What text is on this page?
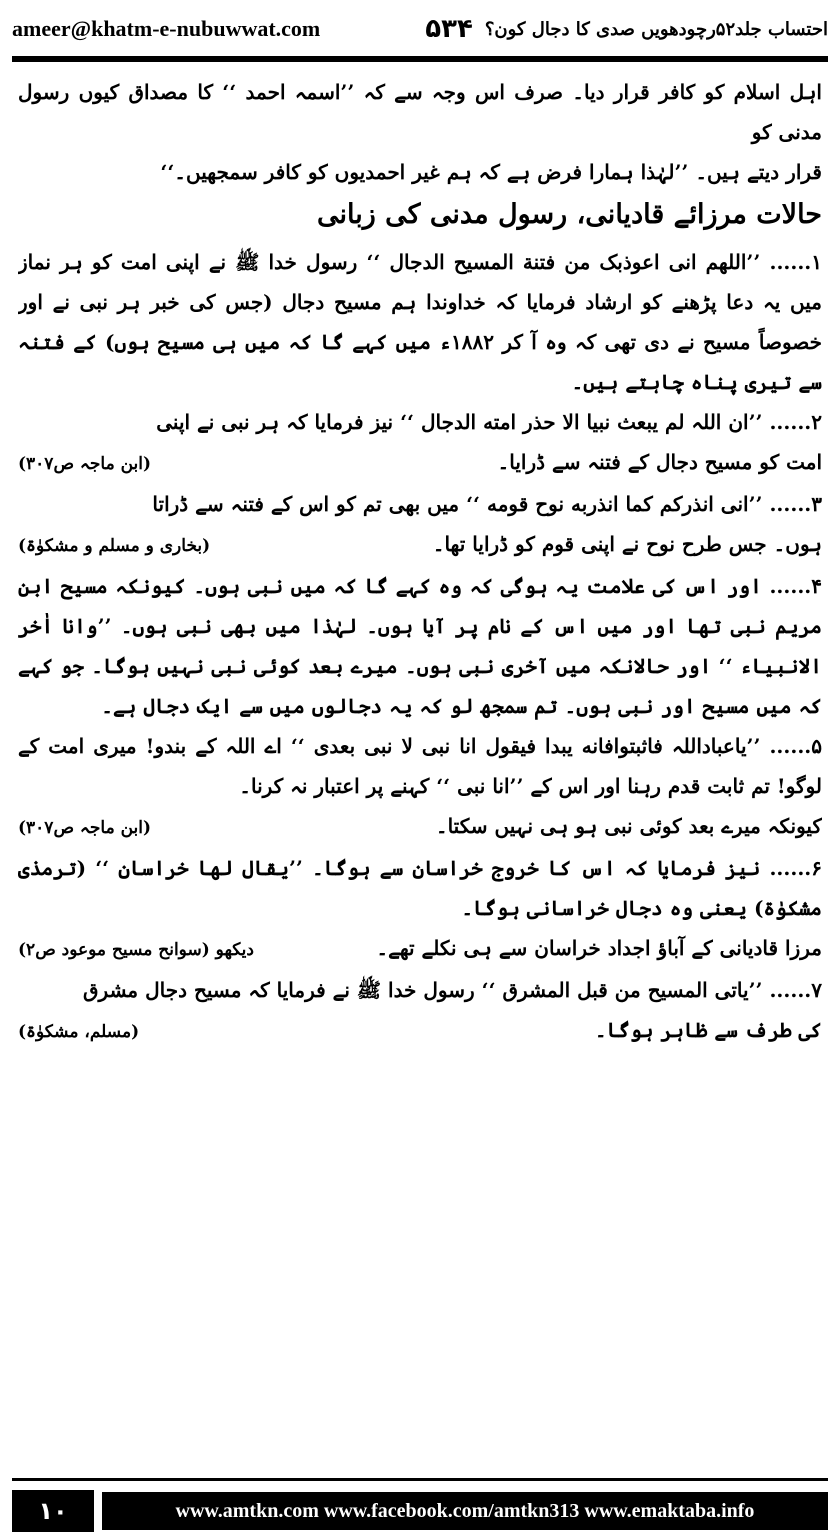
ameer@khatm-e-nubuwwat.com	احتساب جلد۵۲رچودھویں صدی کا دجال کون؟
۵۳۴

اہل اسلام کو کافر قرار دیا۔ صرف اس وجہ سے کہ ’’اسمہ احمد ‘‘ کا مصداق کیوں رسول مدنی کو

قرار دیتے ہیں۔ ’’لہٰذا ہمارا فرض ہے کہ ہم غیر احمدیوں کو کافر سمجھیں۔‘‘

حالات مرزائے قادیانی، رسول مدنی کی زبانی

۱...... ’’اللھم انی اعوذبک من فتنة المسیح الدجال ‘‘ رسول خدا ﷺ نے اپنی امت کو ہر نماز میں یہ دعا پڑھنے کو ارشاد فرمایا کہ خداوندا ہم مسیح دجال (جس کی خبر ہر نبی نے اور خصوصاً مسیح نے دی تھی کہ وہ آ کر ۱۸۸۲ء میں کہے گا کہ میں ہی مسیح ہوں) کے فتنہ سے تیری پناہ چاہتے ہیں۔

۲...... ’’ان اللہ لم یبعث نبیا الا حذر امته الدجال ‘‘ نیز فرمایا کہ ہر نبی نے اپنی

امت کو مسیح دجال کے فتنہ سے ڈرایا۔
(ابن ماجہ ص۳۰۷)

۳...... ’’انی انذرکم کما انذربه نوح قومه ‘‘ میں بھی تم کو اس کے فتنہ سے ڈراتا

ہوں۔ جس طرح نوح نے اپنی قوم کو ڈرایا تھا۔
(بخاری و مسلم و مشکوٰۃ)

۴...... اور اس کی علامت یہ ہوگی کہ وہ کہے گا کہ میں نبی ہوں۔ کیونکہ مسیح ابن مریم نبی تھا اور میں اس کے نام پر آیا ہوں۔ لہٰذا میں بھی نبی ہوں۔ ’’وانا اٰخر الانبیاء ‘‘ اور حالانکہ میں آخری نبی ہوں۔ میرے بعد کوئی نبی نہیں ہوگا۔ جو کہے کہ میں مسیح اور نبی ہوں۔ تم سمجھ لو کہ یہ دجالوں میں سے ایک دجال ہے۔

۵...... ’’یاعباداللہ فاثبتوافانه یبدا فیقول انا نبی لا نبی بعدی ‘‘ اے اللہ کے بندو! میری امت کے لوگو! تم ثابت قدم رہنا اور اس کے ’’انا نبی ‘‘ کہنے پر اعتبار نہ کرنا۔

کیونکہ میرے بعد کوئی نبی ہو ہی نہیں سکتا۔
(ابن ماجہ ص۳۰۷)

۶...... نیز فرمایا کہ اس کا خروج خراسان سے ہوگا۔ ’’یقال لھا خراسان ‘‘ (ترمذی مشکوٰۃ) یعنی وہ دجال خراسانی ہوگا۔

مرزا قادیانی کے آباؤ اجداد خراسان سے ہی نکلے تھے۔
دیکھو (سوانح مسیح موعود ص۲)

۷...... ’’یاتی المسیح من قبل المشرق ‘‘ رسول خدا ﷺ نے فرمایا کہ مسیح دجال مشرق

کی طرف سے ظاہر ہوگا۔
(مسلم، مشکوٰۃ)
۱۰	www.amtkn.com www.facebook.com/amtkn313 www.emaktaba.info
